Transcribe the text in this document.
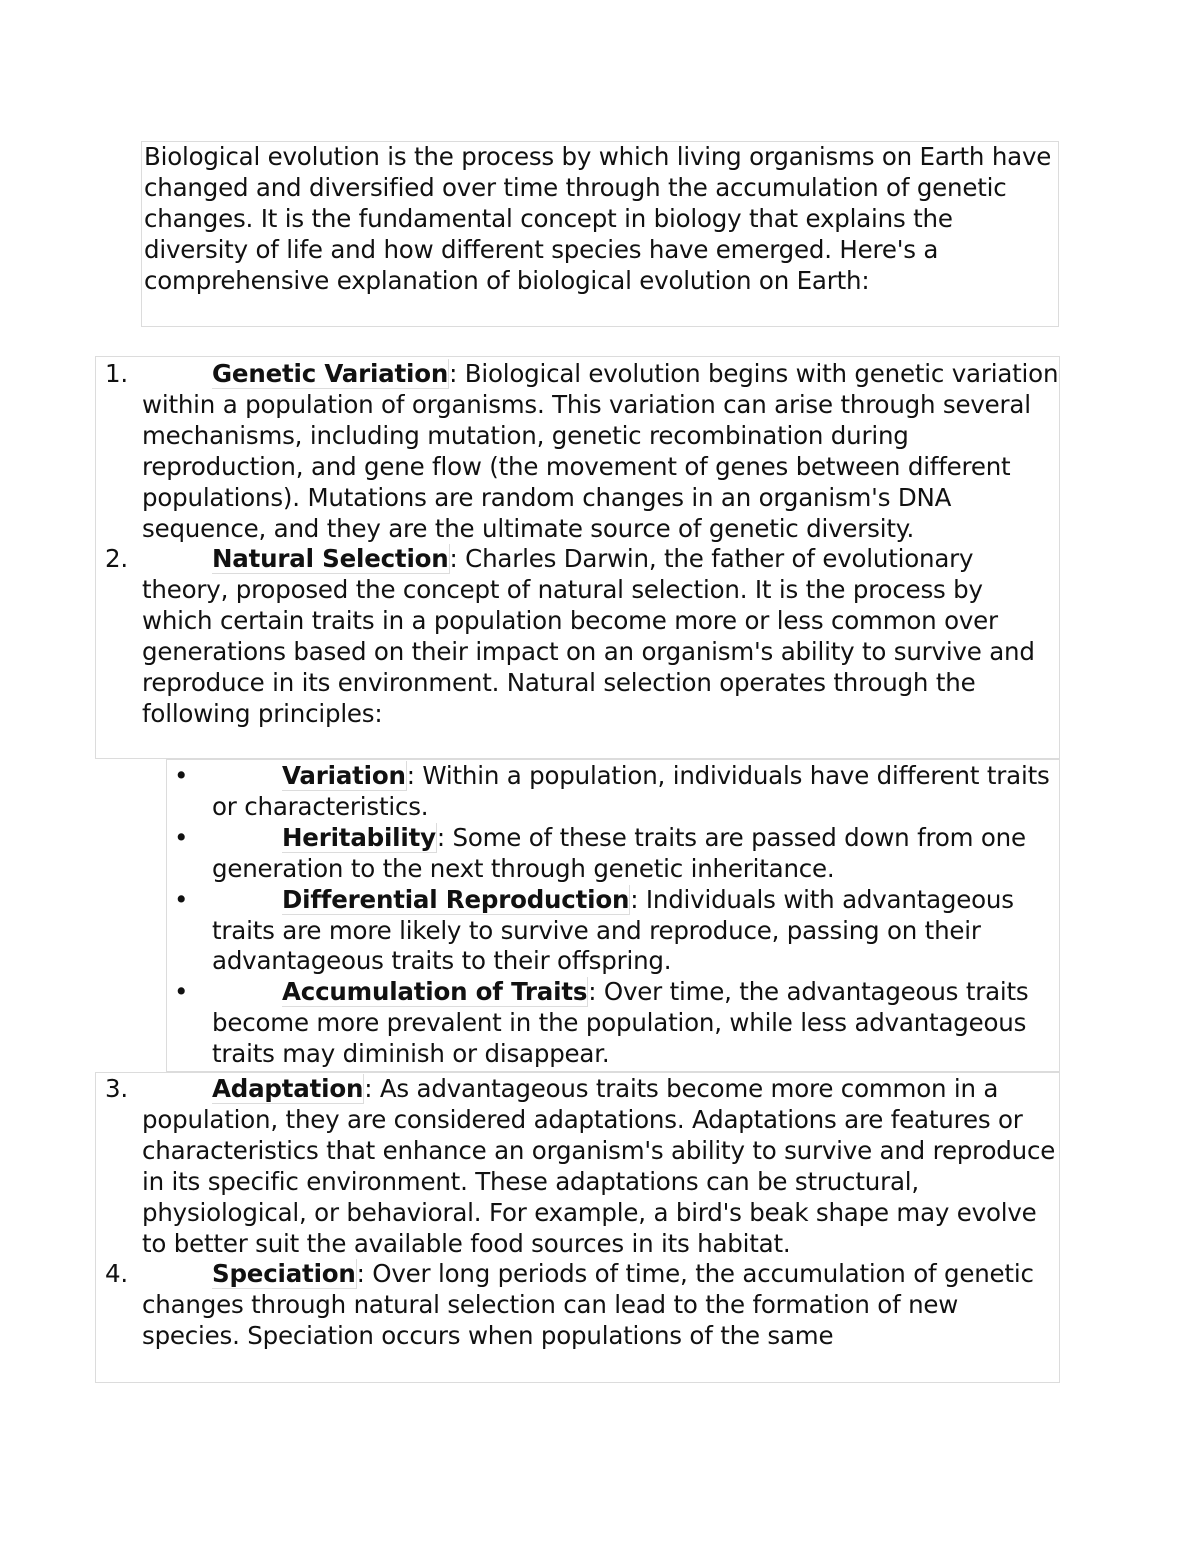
Biological evolution is the process by which living organisms on Earth have changed and diversified over time through the accumulation of genetic changes. It is the fundamental concept in biology that explains the diversity of life and how different species have emerged. Here's a comprehensive explanation of biological evolution on Earth:
1.	Genetic Variation: Biological evolution begins with genetic variation within a population of organisms. This variation can arise through several mechanisms, including mutation, genetic recombination during reproduction, and gene flow (the movement of genes between different populations). Mutations are random changes in an organism's DNA sequence, and they are the ultimate source of genetic diversity.
2.	Natural Selection: Charles Darwin, the father of evolutionary theory, proposed the concept of natural selection. It is the process by which certain traits in a population become more or less common over generations based on their impact on an organism's ability to survive and reproduce in its environment. Natural selection operates through the following principles:
•	Variation: Within a population, individuals have different traits or characteristics.
•	Heritability: Some of these traits are passed down from one generation to the next through genetic inheritance.
•	Differential Reproduction: Individuals with advantageous traits are more likely to survive and reproduce, passing on their advantageous traits to their offspring.
•	Accumulation of Traits: Over time, the advantageous traits become more prevalent in the population, while less advantageous traits may diminish or disappear.
3.	Adaptation: As advantageous traits become more common in a population, they are considered adaptations. Adaptations are features or characteristics that enhance an organism's ability to survive and reproduce in its specific environment. These adaptations can be structural, physiological, or behavioral. For example, a bird's beak shape may evolve to better suit the available food sources in its habitat.
4.	Speciation: Over long periods of time, the accumulation of genetic changes through natural selection can lead to the formation of new species. Speciation occurs when populations of the same
